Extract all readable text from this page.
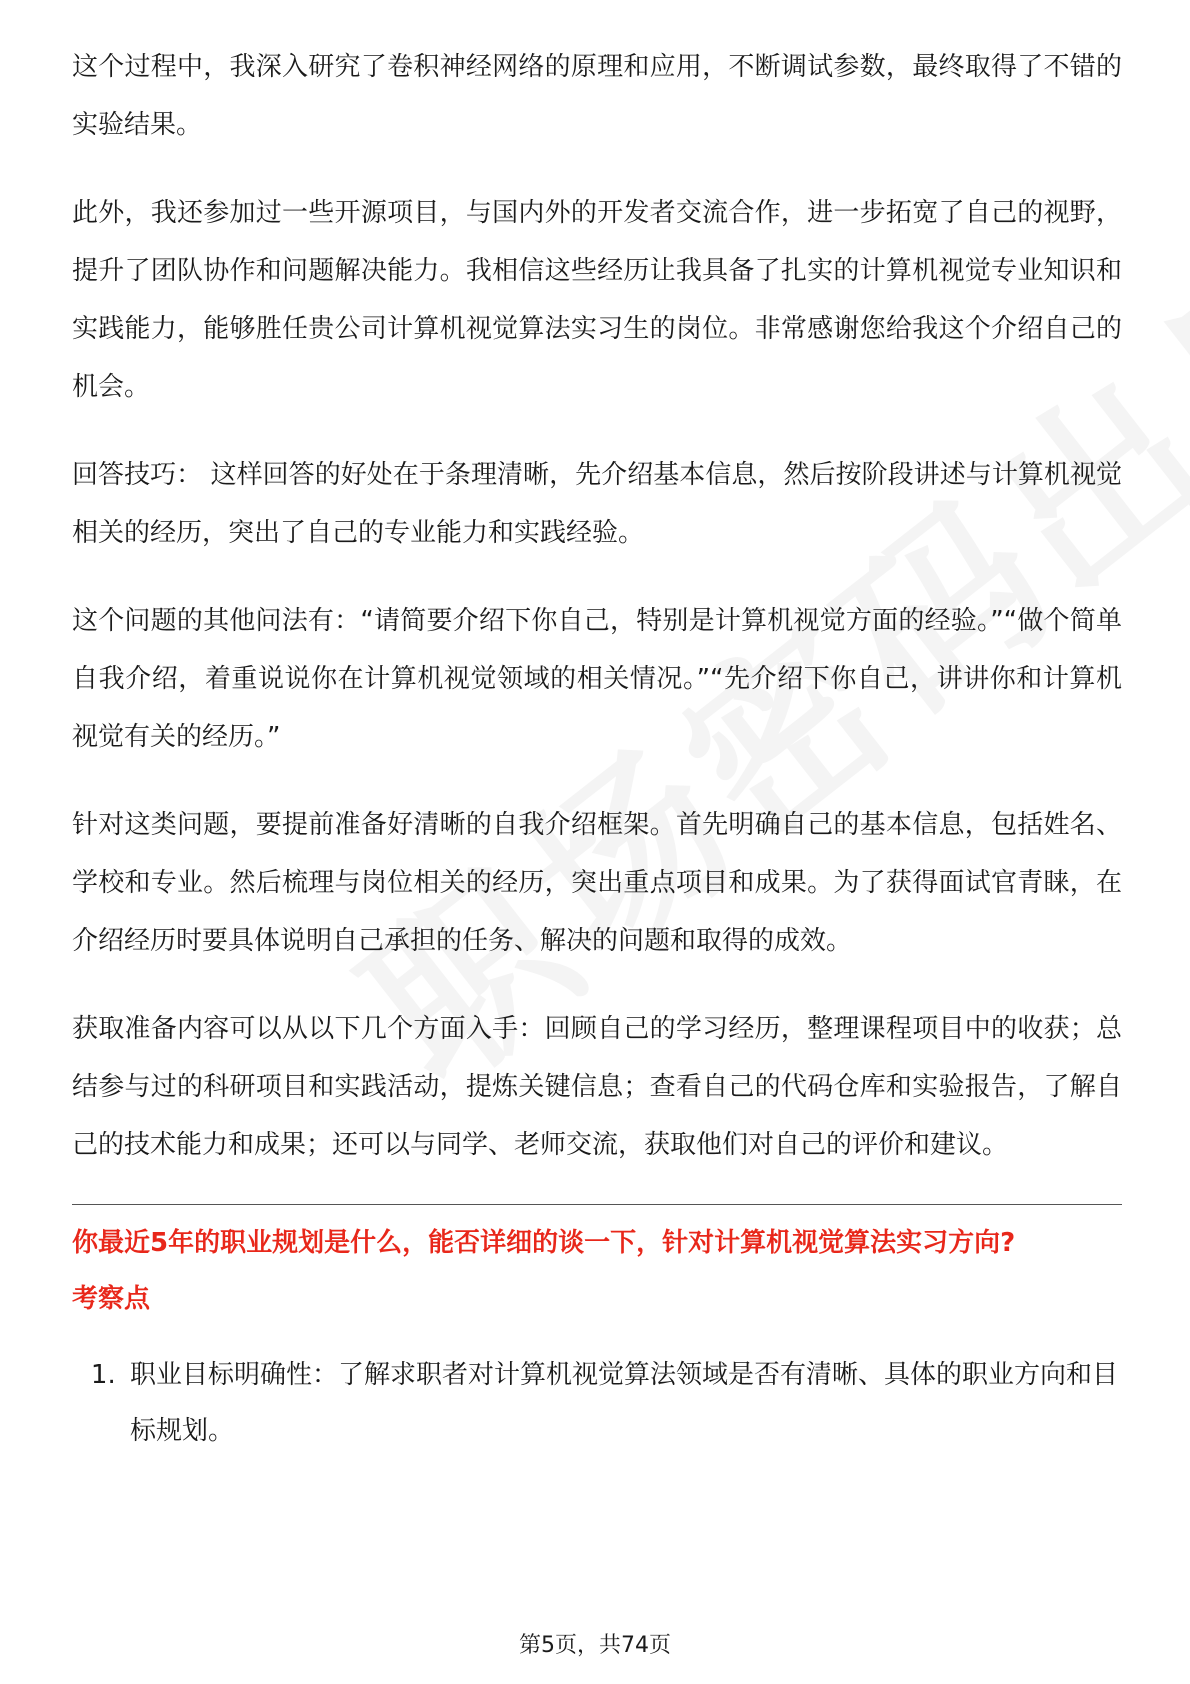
这个过程中，我深入研究了卷积神经网络的原理和应用，不断调试参数，最终取得了不错的实验结果。

此外，我还参加过一些开源项目，与国内外的开发者交流合作，进一步拓宽了自己的视野，提升了团队协作和问题解决能力。我相信这些经历让我具备了扎实的计算机视觉专业知识和实践能力，能够胜任贵公司计算机视觉算法实习生的岗位。非常感谢您给我这个介绍自己的机会。

回答技巧： 这样回答的好处在于条理清晰，先介绍基本信息，然后按阶段讲述与计算机视觉相关的经历，突出了自己的专业能力和实践经验。

这个问题的其他问法有：“请简要介绍下你自己，特别是计算机视觉方面的经验。”“做个简单自我介绍，着重说说你在计算机视觉领域的相关情况。”“先介绍下你自己，讲讲你和计算机视觉有关的经历。”

针对这类问题，要提前准备好清晰的自我介绍框架。首先明确自己的基本信息，包括姓名、学校和专业。然后梳理与岗位相关的经历，突出重点项目和成果。为了获得面试官青睐，在介绍经历时要具体说明自己承担的任务、解决的问题和取得的成效。

获取准备内容可以从以下几个方面入手：回顾自己的学习经历，整理课程项目中的收获；总结参与过的科研项目和实践活动，提炼关键信息；查看自己的代码仓库和实验报告，了解自己的技术能力和成果；还可以与同学、老师交流，获取他们对自己的评价和建议。

你最近5年的职业规划是什么，能否详细的谈一下，针对计算机视觉算法实习方向?
考察点
1. 职业目标明确性：了解求职者对计算机视觉算法领域是否有清晰、具体的职业方向和目标规划。
第5页，共74页
